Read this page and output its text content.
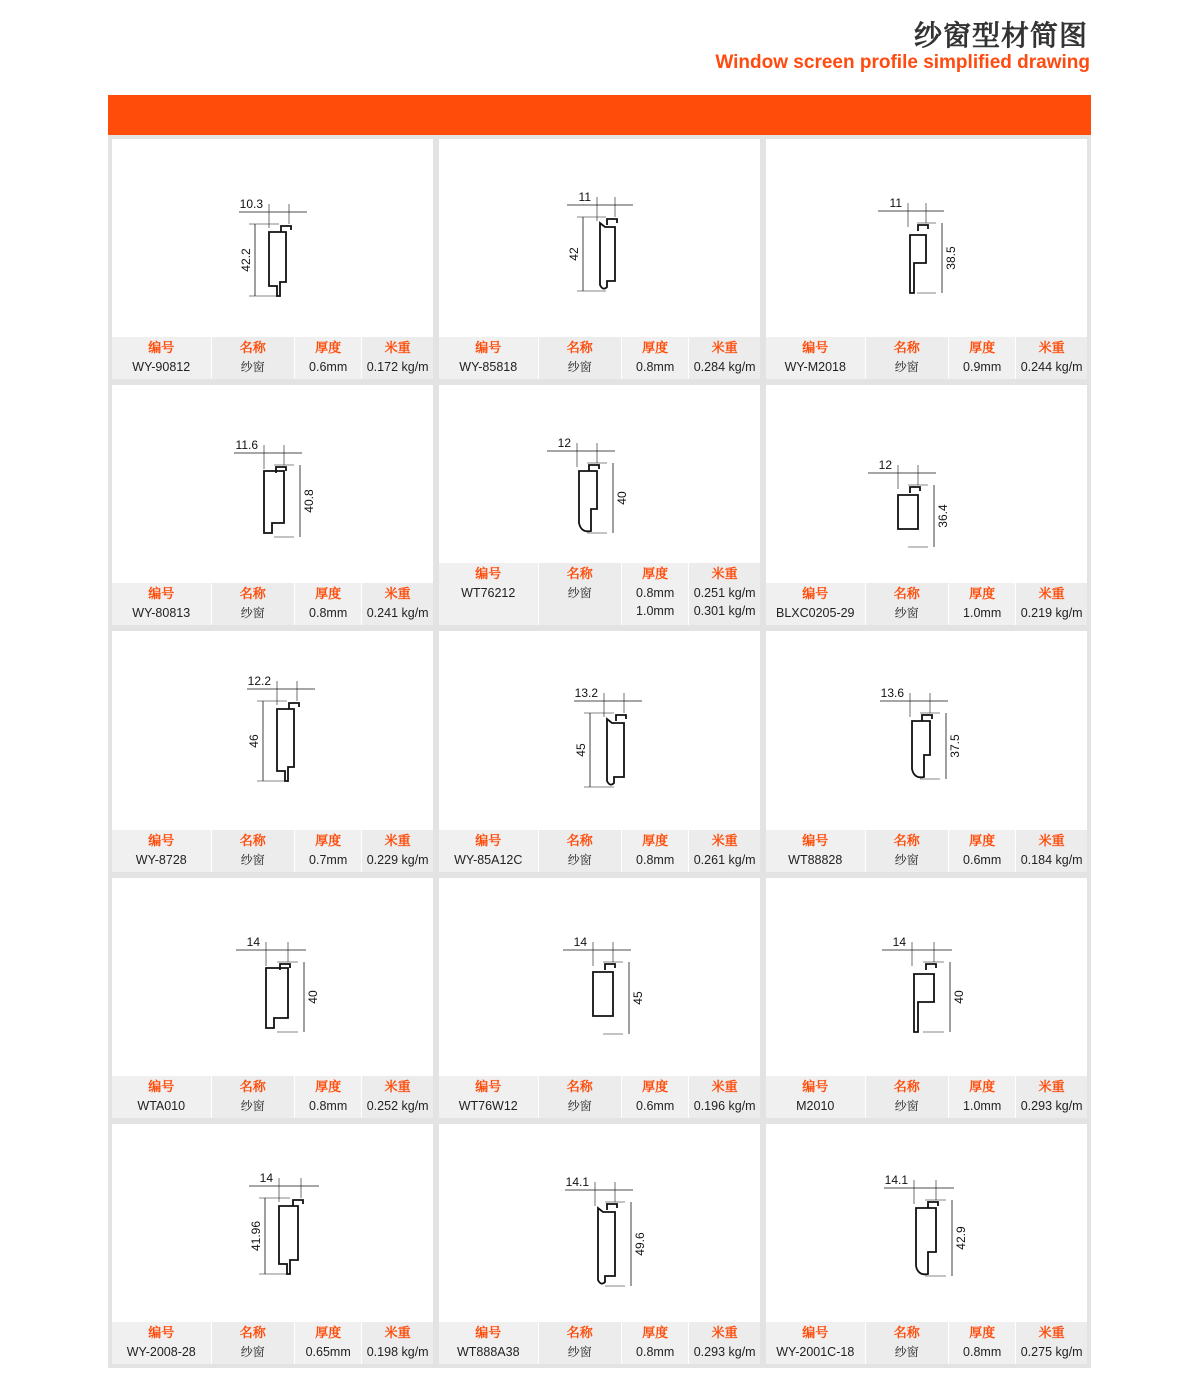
纱窗型材简图
Window screen profile simplified drawing
10.3
42.2
编号
WY-90812
名称
纱窗
厚度
0.6mm
米重
0.172 kg/m
11
42
编号
WY-85818
名称
纱窗
厚度
0.8mm
米重
0.284 kg/m
11
38.5
编号
WY-M2018
名称
纱窗
厚度
0.9mm
米重
0.244 kg/m
11.6
40.8
编号
WY-80813
名称
纱窗
厚度
0.8mm
米重
0.241 kg/m
12
40
编号
WT76212
名称
纱窗
厚度
0.8mm
1.0mm
米重
0.251 kg/m
0.301 kg/m
12
36.4
编号
BLXC0205-29
名称
纱窗
厚度
1.0mm
米重
0.219 kg/m
12.2
46
编号
WY-8728
名称
纱窗
厚度
0.7mm
米重
0.229 kg/m
13.2
45
编号
WY-85A12C
名称
纱窗
厚度
0.8mm
米重
0.261 kg/m
13.6
37.5
编号
WT88828
名称
纱窗
厚度
0.6mm
米重
0.184 kg/m
14
40
编号
WTA010
名称
纱窗
厚度
0.8mm
米重
0.252 kg/m
14
45
编号
WT76W12
名称
纱窗
厚度
0.6mm
米重
0.196 kg/m
14
40
编号
M2010
名称
纱窗
厚度
1.0mm
米重
0.293 kg/m
14
41.96
编号
WY-2008-28
名称
纱窗
厚度
0.65mm
米重
0.198 kg/m
14.1
49.6
编号
WT888A38
名称
纱窗
厚度
0.8mm
米重
0.293 kg/m
14.1
42.9
编号
WY-2001C-18
名称
纱窗
厚度
0.8mm
米重
0.275 kg/m
